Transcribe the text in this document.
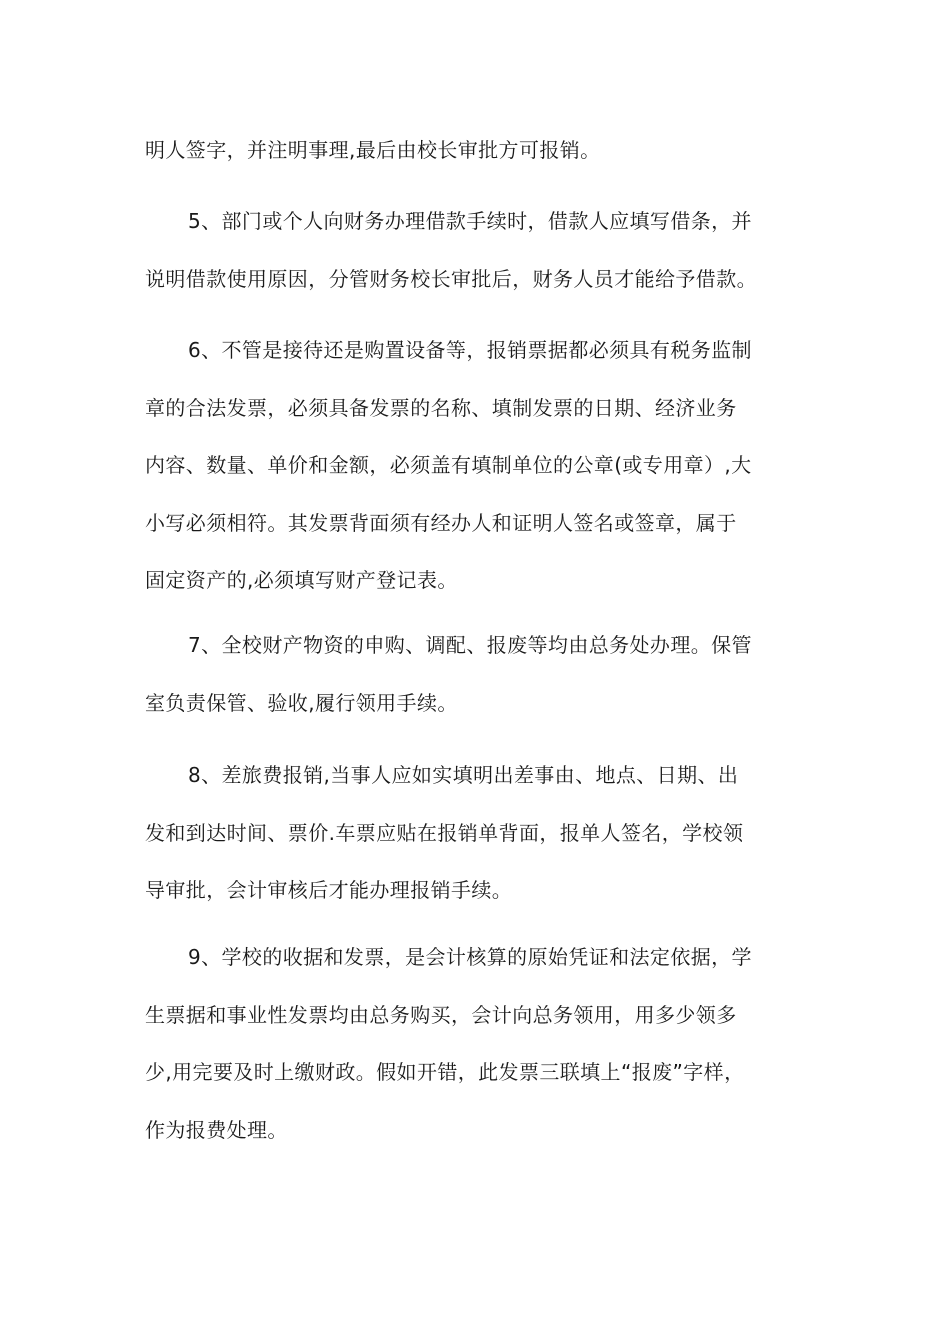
明人签字，并注明事理,最后由校长审批方可报销。

5、部门或个人向财务办理借款手续时，借款人应填写借条，并

说明借款使用原因，分管财务校长审批后，财务人员才能给予借款。

6、不管是接待还是购置设备等，报销票据都必须具有税务监制

章的合法发票，必须具备发票的名称、填制发票的日期、经济业务

内容、数量、单价和金额，必须盖有填制单位的公章(或专用章）,大

小写必须相符。其发票背面须有经办人和证明人签名或签章，属于

固定资产的,必须填写财产登记表。

7、全校财产物资的申购、调配、报废等均由总务处办理。保管

室负责保管、验收,履行领用手续。

8、差旅费报销,当事人应如实填明出差事由、地点、日期、出

发和到达时间、票价.车票应贴在报销单背面，报单人签名，学校领

导审批，会计审核后才能办理报销手续。

9、学校的收据和发票，是会计核算的原始凭证和法定依据，学

生票据和事业性发票均由总务购买，会计向总务领用，用多少领多

少,用完要及时上缴财政。假如开错，此发票三联填上“报废”字样，

作为报费处理。
